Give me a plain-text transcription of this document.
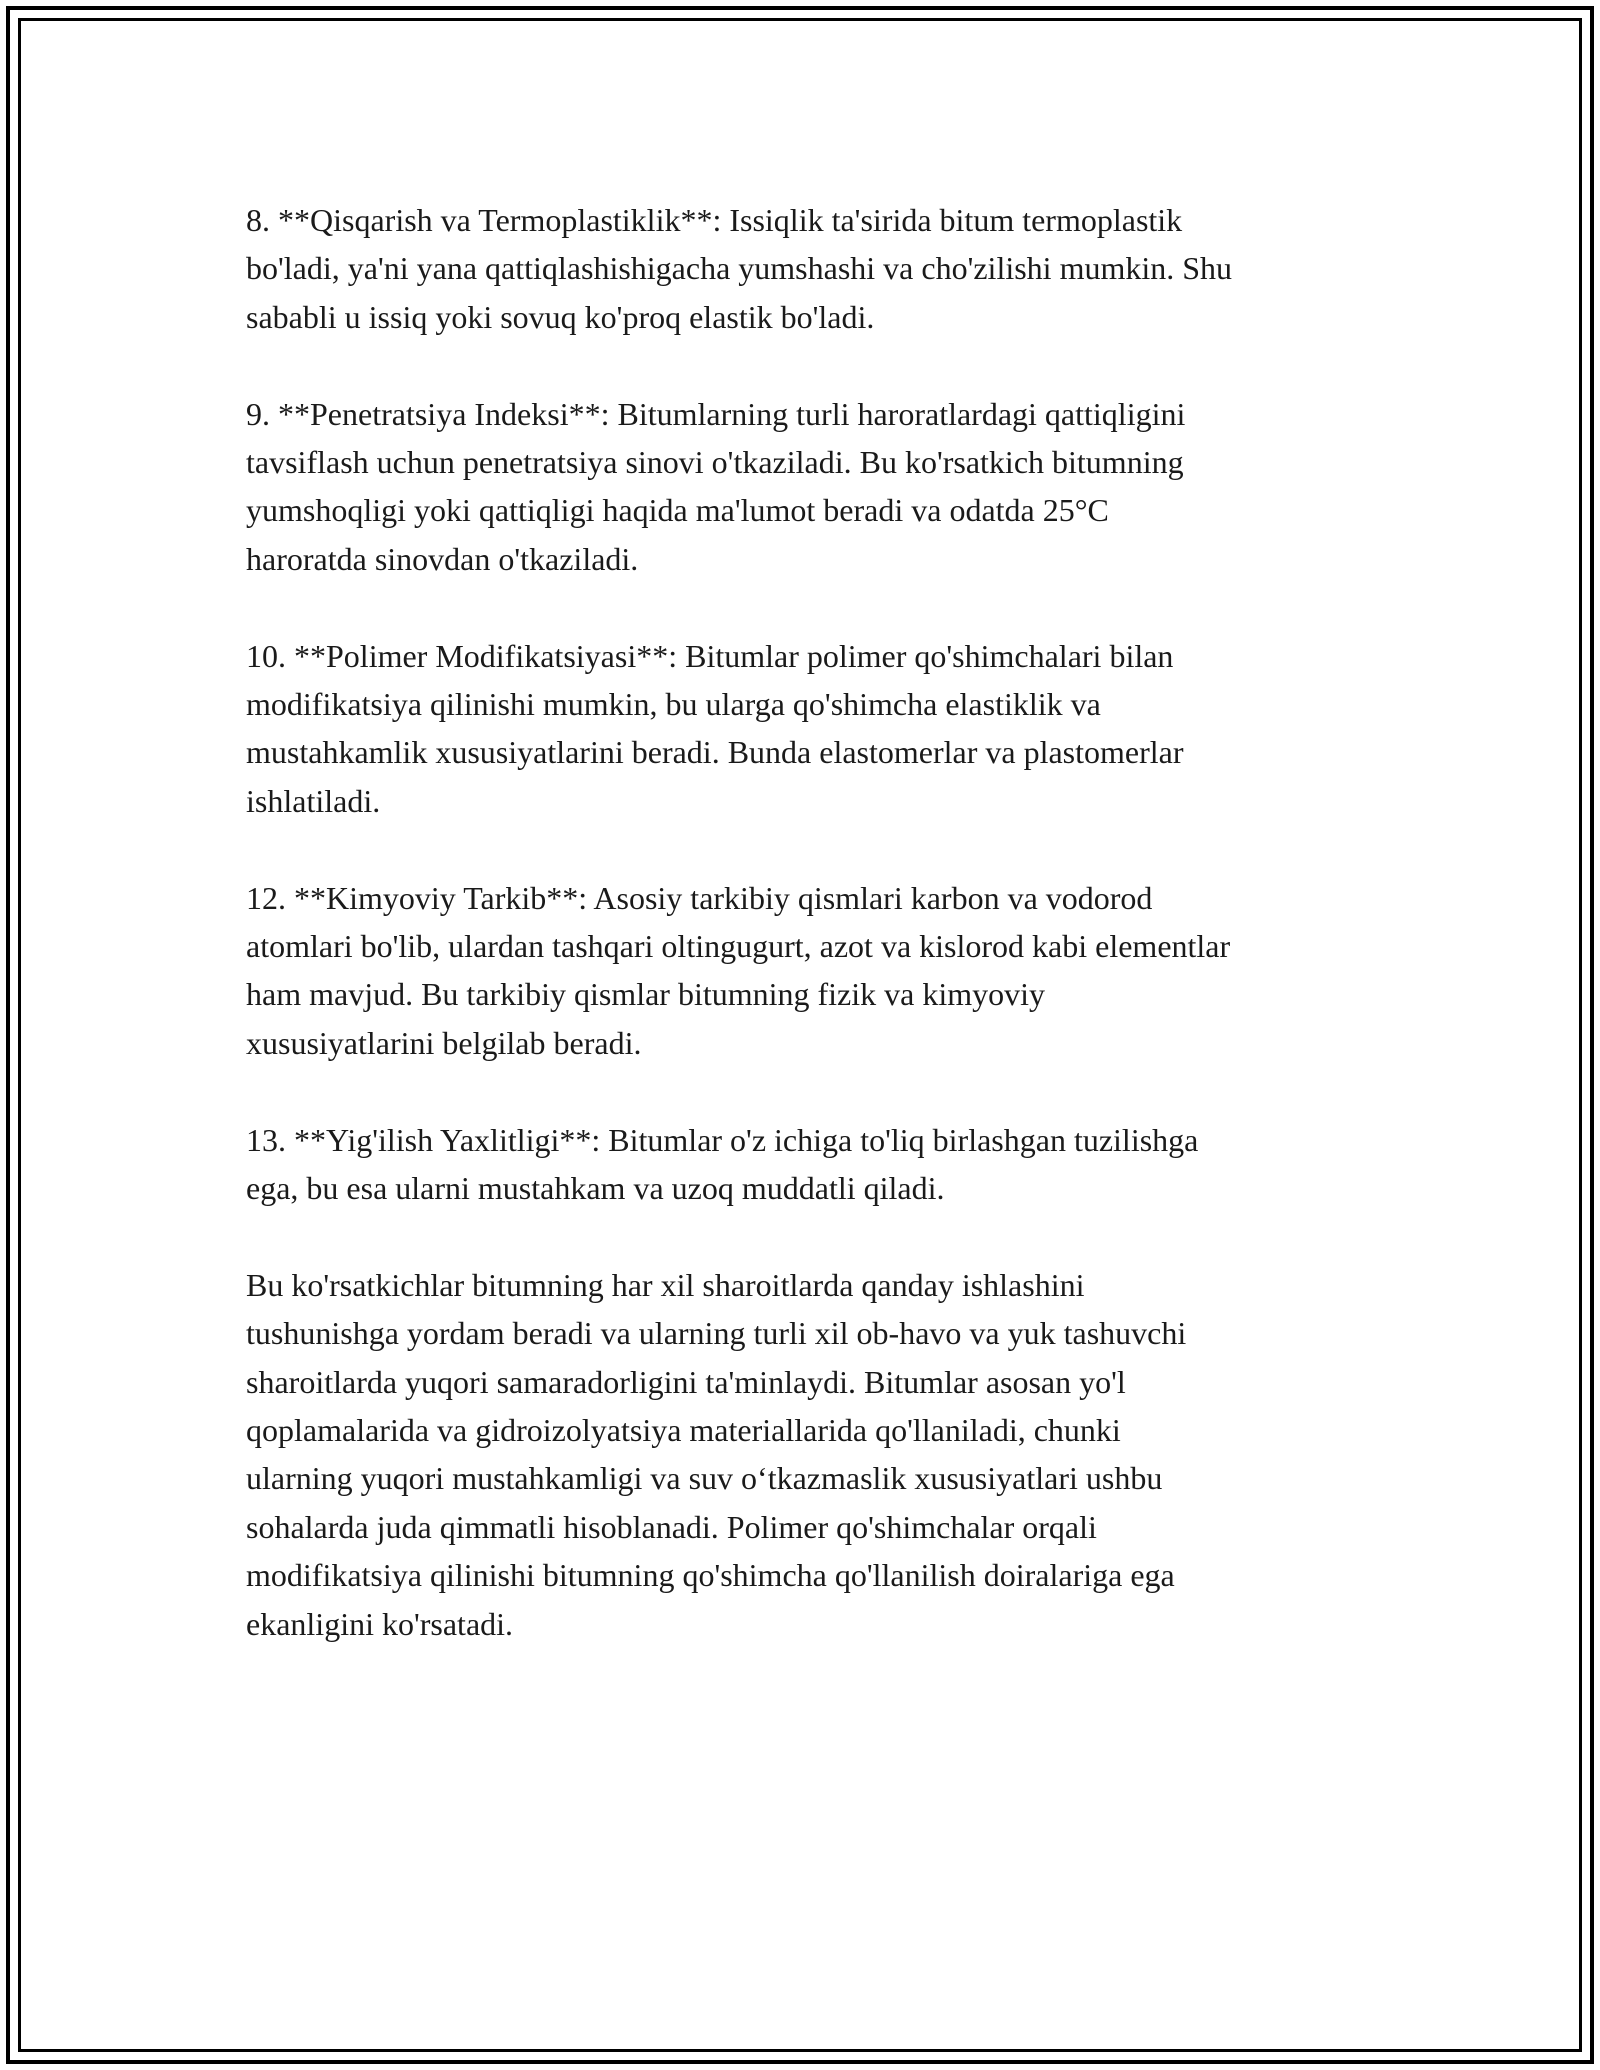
8. **Qisqarish va Termoplastiklik**: Issiqlik ta'sirida bitum termoplastik
bo'ladi, ya'ni yana qattiqlashishigacha yumshashi va cho'zilishi mumkin. Shu
sababli u issiq yoki sovuq ko'proq elastik bo'ladi.

9. **Penetratsiya Indeksi**: Bitumlarning turli haroratlardagi qattiqligini
tavsiflash uchun penetratsiya sinovi o'tkaziladi. Bu ko'rsatkich bitumning
yumshoqligi yoki qattiqligi haqida ma'lumot beradi va odatda 25°C
haroratda sinovdan o'tkaziladi.

10. **Polimer Modifikatsiyasi**: Bitumlar polimer qo'shimchalari bilan
modifikatsiya qilinishi mumkin, bu ularga qo'shimcha elastiklik va
mustahkamlik xususiyatlarini beradi. Bunda elastomerlar va plastomerlar
ishlatiladi.

12. **Kimyoviy Tarkib**: Asosiy tarkibiy qismlari karbon va vodorod
atomlari bo'lib, ulardan tashqari oltingugurt, azot va kislorod kabi elementlar
ham mavjud. Bu tarkibiy qismlar bitumning fizik va kimyoviy
xususiyatlarini belgilab beradi.

13. **Yig'ilish Yaxlitligi**: Bitumlar o'z ichiga to'liq birlashgan tuzilishga
ega, bu esa ularni mustahkam va uzoq muddatli qiladi.

Bu ko'rsatkichlar bitumning har xil sharoitlarda qanday ishlashini
tushunishga yordam beradi va ularning turli xil ob-havo va yuk tashuvchi
sharoitlarda yuqori samaradorligini ta'minlaydi. Bitumlar asosan yo'l
qoplamalarida va gidroizolyatsiya materiallarida qo'llaniladi, chunki
ularning yuqori mustahkamligi va suv o‘tkazmaslik xususiyatlari ushbu
sohalarda juda qimmatli hisoblanadi. Polimer qo'shimchalar orqali
modifikatsiya qilinishi bitumning qo'shimcha qo'llanilish doiralariga ega
ekanligini ko'rsatadi.
